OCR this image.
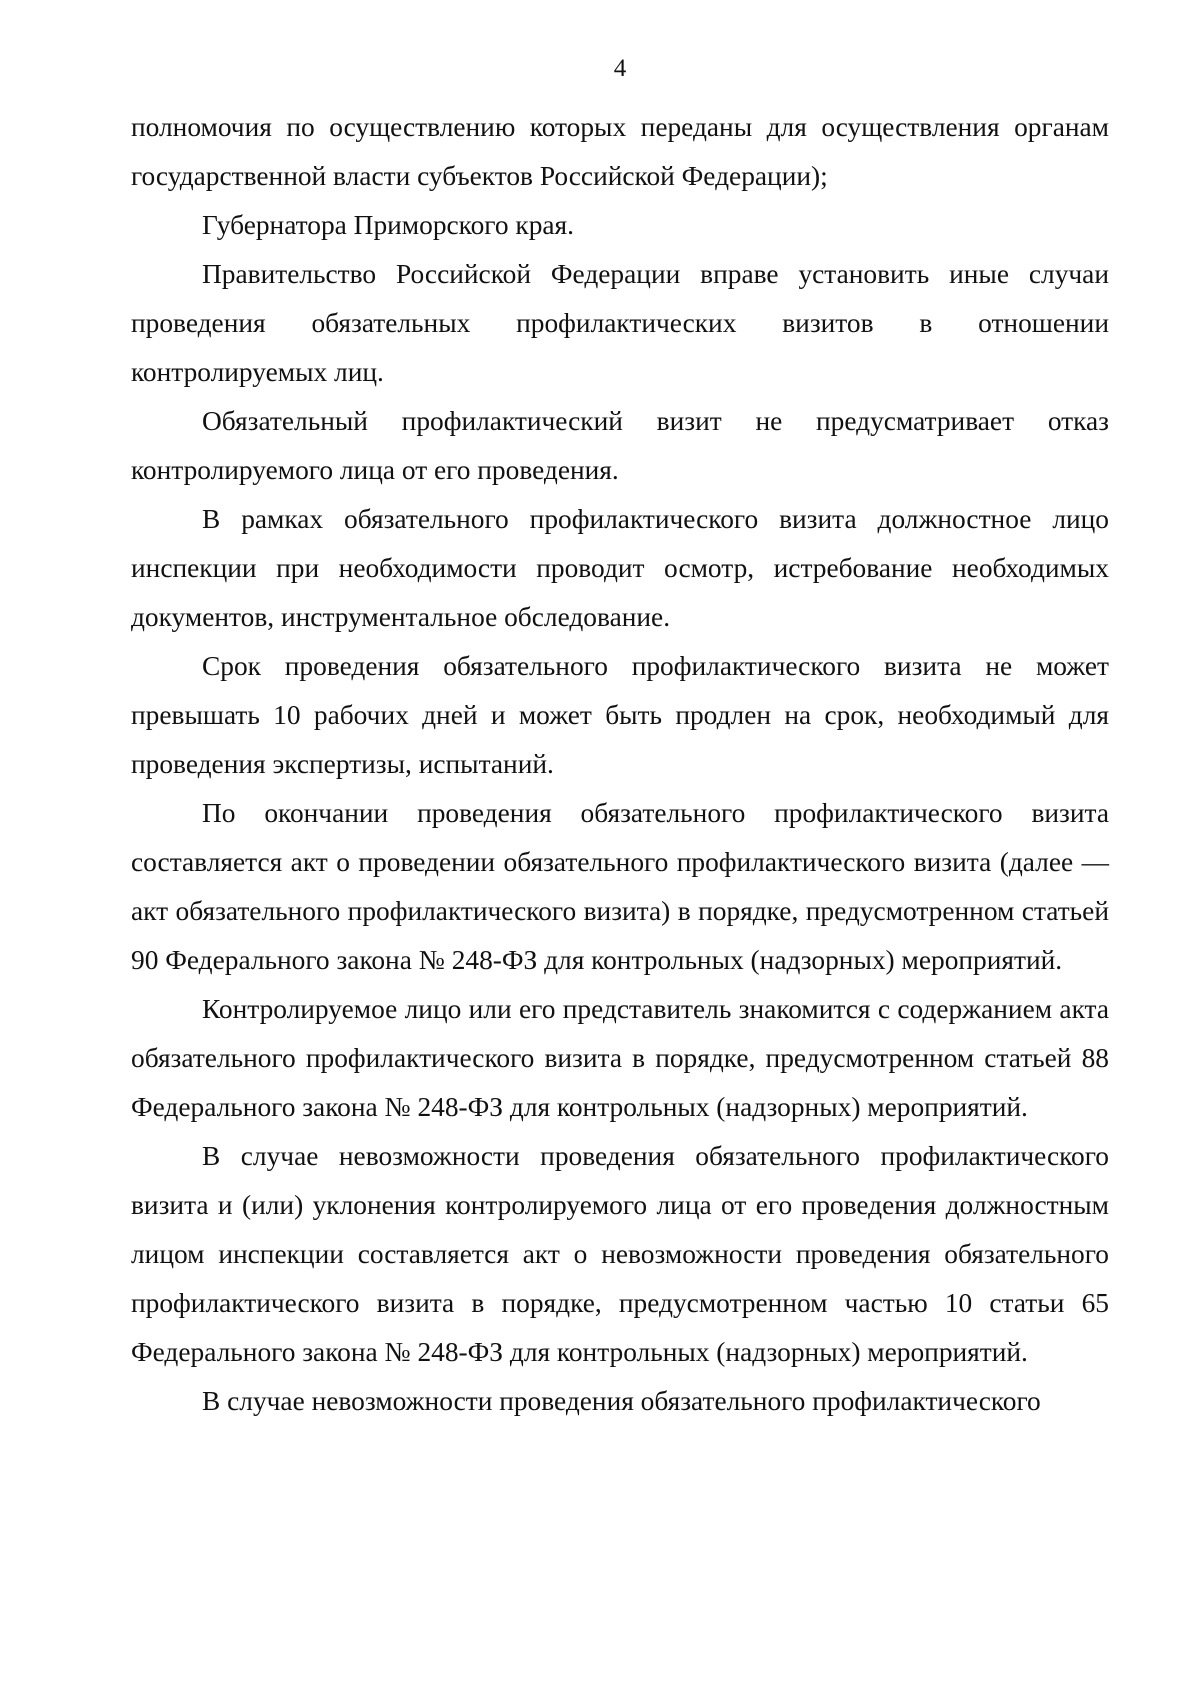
4

полномочия по осуществлению которых переданы для осуществления органам государственной власти субъектов Российской Федерации);

Губернатора Приморского края.

Правительство Российской Федерации вправе установить иные случаи проведения обязательных профилактических визитов в отношении контролируемых лиц.

Обязательный профилактический визит не предусматривает отказ контролируемого лица от его проведения.

В рамках обязательного профилактического визита должностное лицо инспекции при необходимости проводит осмотр, истребование необходимых документов, инструментальное обследование.

Срок проведения обязательного профилактического визита не может превышать 10 рабочих дней и может быть продлен на срок, необходимый для проведения экспертизы, испытаний.

По окончании проведения обязательного профилактического визита составляется акт о проведении обязательного профилактического визита (далее — акт обязательного профилактического визита) в порядке, предусмотренном статьей 90 Федерального закона № 248-ФЗ для контрольных (надзорных) мероприятий.

Контролируемое лицо или его представитель знакомится с содержанием акта обязательного профилактического визита в порядке, предусмотренном статьей 88 Федерального закона № 248-ФЗ для контрольных (надзорных) мероприятий.

В случае невозможности проведения обязательного профилактического визита и (или) уклонения контролируемого лица от его проведения должностным лицом инспекции составляется акт о невозможности проведения обязательного профилактического визита в порядке, предусмотренном частью 10 статьи 65 Федерального закона № 248-ФЗ для контрольных (надзорных) мероприятий.

В случае невозможности проведения обязательного профилактического
